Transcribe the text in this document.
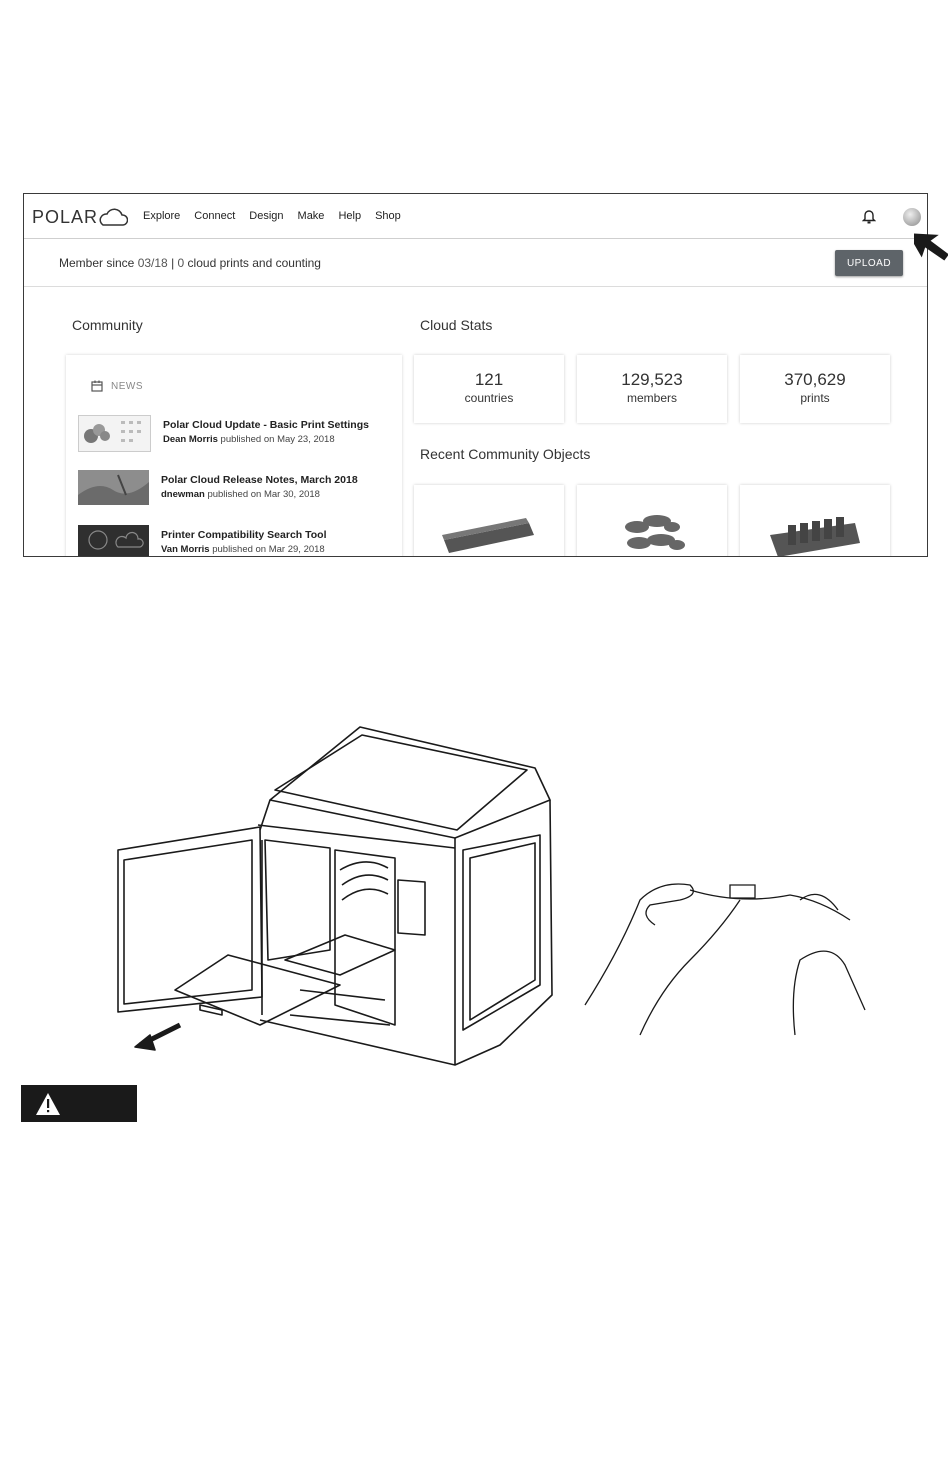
POLAR	Explore Connect Design Make Help Shop
Member since 03/18 | 0 cloud prints and counting	UPLOAD
Community	Cloud Stats
NEWS
Polar Cloud Update - Basic Print Settings
Dean Morris published on May 23, 2018
Polar Cloud Release Notes, March 2018
dnewman published on Mar 30, 2018
Printer Compatibility Search Tool
Van Morris published on Mar 29, 2018
121
countries
129,523
members
370,629
prints
Recent Community Objects
